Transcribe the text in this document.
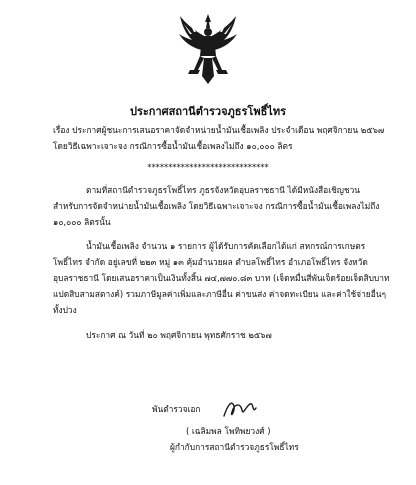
ประกาศสถานีตำรวจภูธรโพธิ์ไทร
เรื่อง ประกาศผู้ชนะการเสนอราคาจัดจำหน่ายน้ำมันเชื้อเพลิง ประจำเดือน พฤศจิกายน ๒๕๖๗
โดยวิธีเฉพาะเจาะจง กรณีการซื้อน้ำมันเชื้อเพลงไม่ถึง ๑๐,๐๐๐ ลิตร
*****************************
ตามที่สถานีตำรวจภูธรโพธิ์ไทร ภูธรจังหวัดอุบลราชธานี ได้มีหนังสือเชิญชวน
สำหรับการจัดจำหน่ายน้ำมันเชื้อเพลิง โดยวิธีเฉพาะเจาะจง กรณีการซื้อน้ำมันเชื้อเพลงไม่ถึง
๑๐,๐๐๐ ลิตรนั้น
น้ำมันเชื้อเพลิง จำนวน ๑ รายการ ผู้ได้รับการคัดเลือกได้แก่ สหกรณ์การเกษตร
โพธิ์ไทร จำกัด อยู่เลขที่ ๒๒๓ หมู่ ๑๓ คุ้มอำนวยผล ตำบลโพธิ์ไทร อำเภอโพธิ์ไทร จังหวัด
อุบลราชธานี โดยเสนอราคาเป็นเงินทั้งสิ้น ๗๔,๗๗๐.๘๓ บาท (เจ็ดหมื่นสี่พันเจ็ดร้อยเจ็ดสิบบาท
แปดสิบสามสตางค์) รวมภาษีมูลค่าเพิ่มและภาษีอื่น ค่าขนส่ง ค่าจดทะเบียน และค่าใช้จ่ายอื่นๆ
ทั้งปวง
ประกาศ ณ วันที่ ๒๐ พฤศจิกายน พุทธศักราช ๒๕๖๗
พันตำรวจเอก
( เฉลิมพล โพทิพยวงศ์ )
ผู้กำกับการสถานีตำรวจภูธรโพธิ์ไทร
